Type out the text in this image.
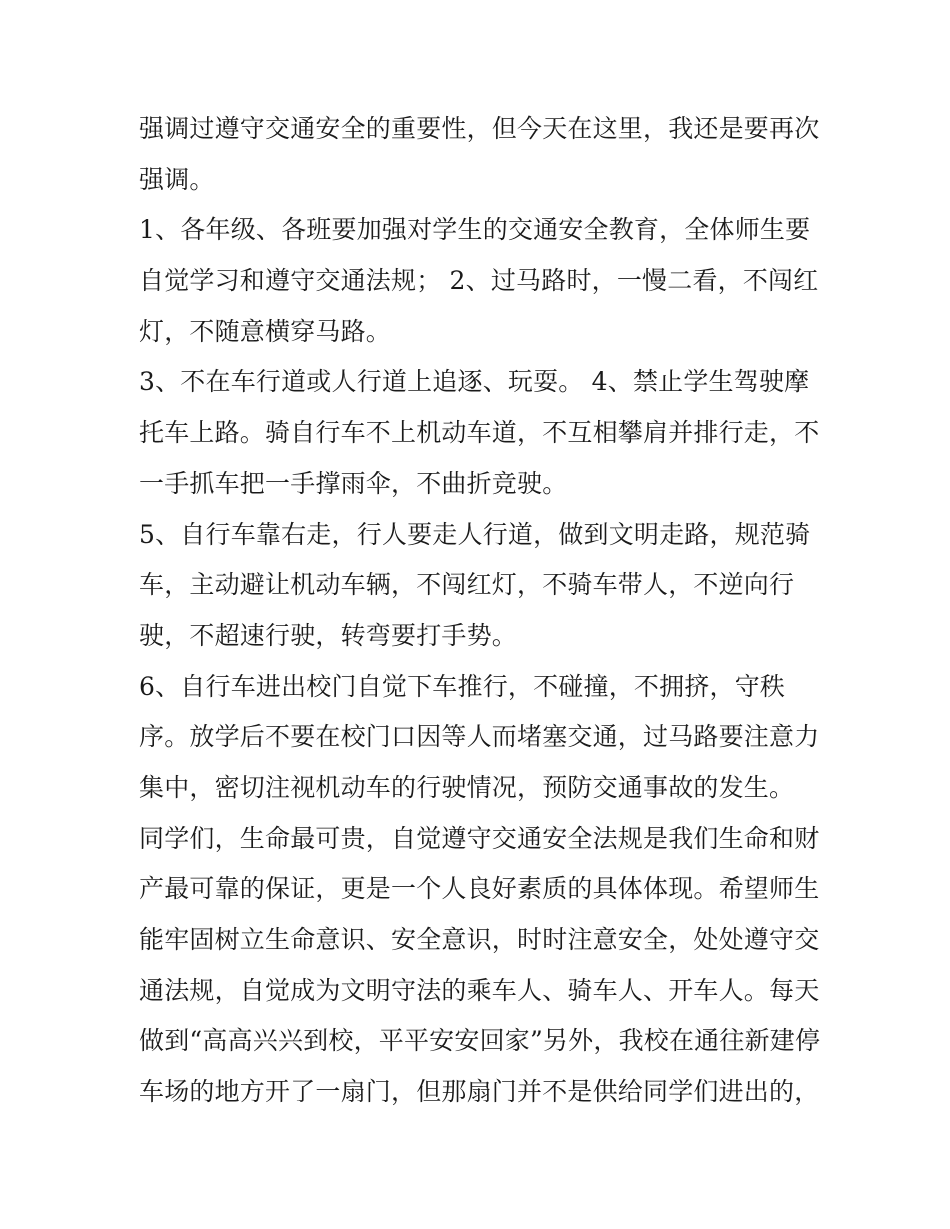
强调过遵守交通安全的重要性，但今天在这里，我还是要再次
强调。
1、各年级、各班要加强对学生的交通安全教育，全体师生要
自觉学习和遵守交通法规； 2、过马路时，一慢二看，不闯红
灯，不随意横穿马路。
3、不在车行道或人行道上追逐、玩耍。 4、禁止学生驾驶摩
托车上路。骑自行车不上机动车道，不互相攀肩并排行走，不
一手抓车把一手撑雨伞，不曲折竞驶。
5、自行车靠右走，行人要走人行道，做到文明走路，规范骑
车，主动避让机动车辆，不闯红灯，不骑车带人，不逆向行
驶，不超速行驶，转弯要打手势。
6、自行车进出校门自觉下车推行，不碰撞，不拥挤，守秩
序。放学后不要在校门口因等人而堵塞交通，过马路要注意力
集中，密切注视机动车的行驶情况，预防交通事故的发生。
同学们，生命最可贵，自觉遵守交通安全法规是我们生命和财
产最可靠的保证，更是一个人良好素质的具体体现。希望师生
能牢固树立生命意识、安全意识，时时注意安全，处处遵守交
通法规，自觉成为文明守法的乘车人、骑车人、开车人。每天
做到“高高兴兴到校，平平安安回家”另外，我校在通往新建停
车场的地方开了一扇门，但那扇门并不是供给同学们进出的，
